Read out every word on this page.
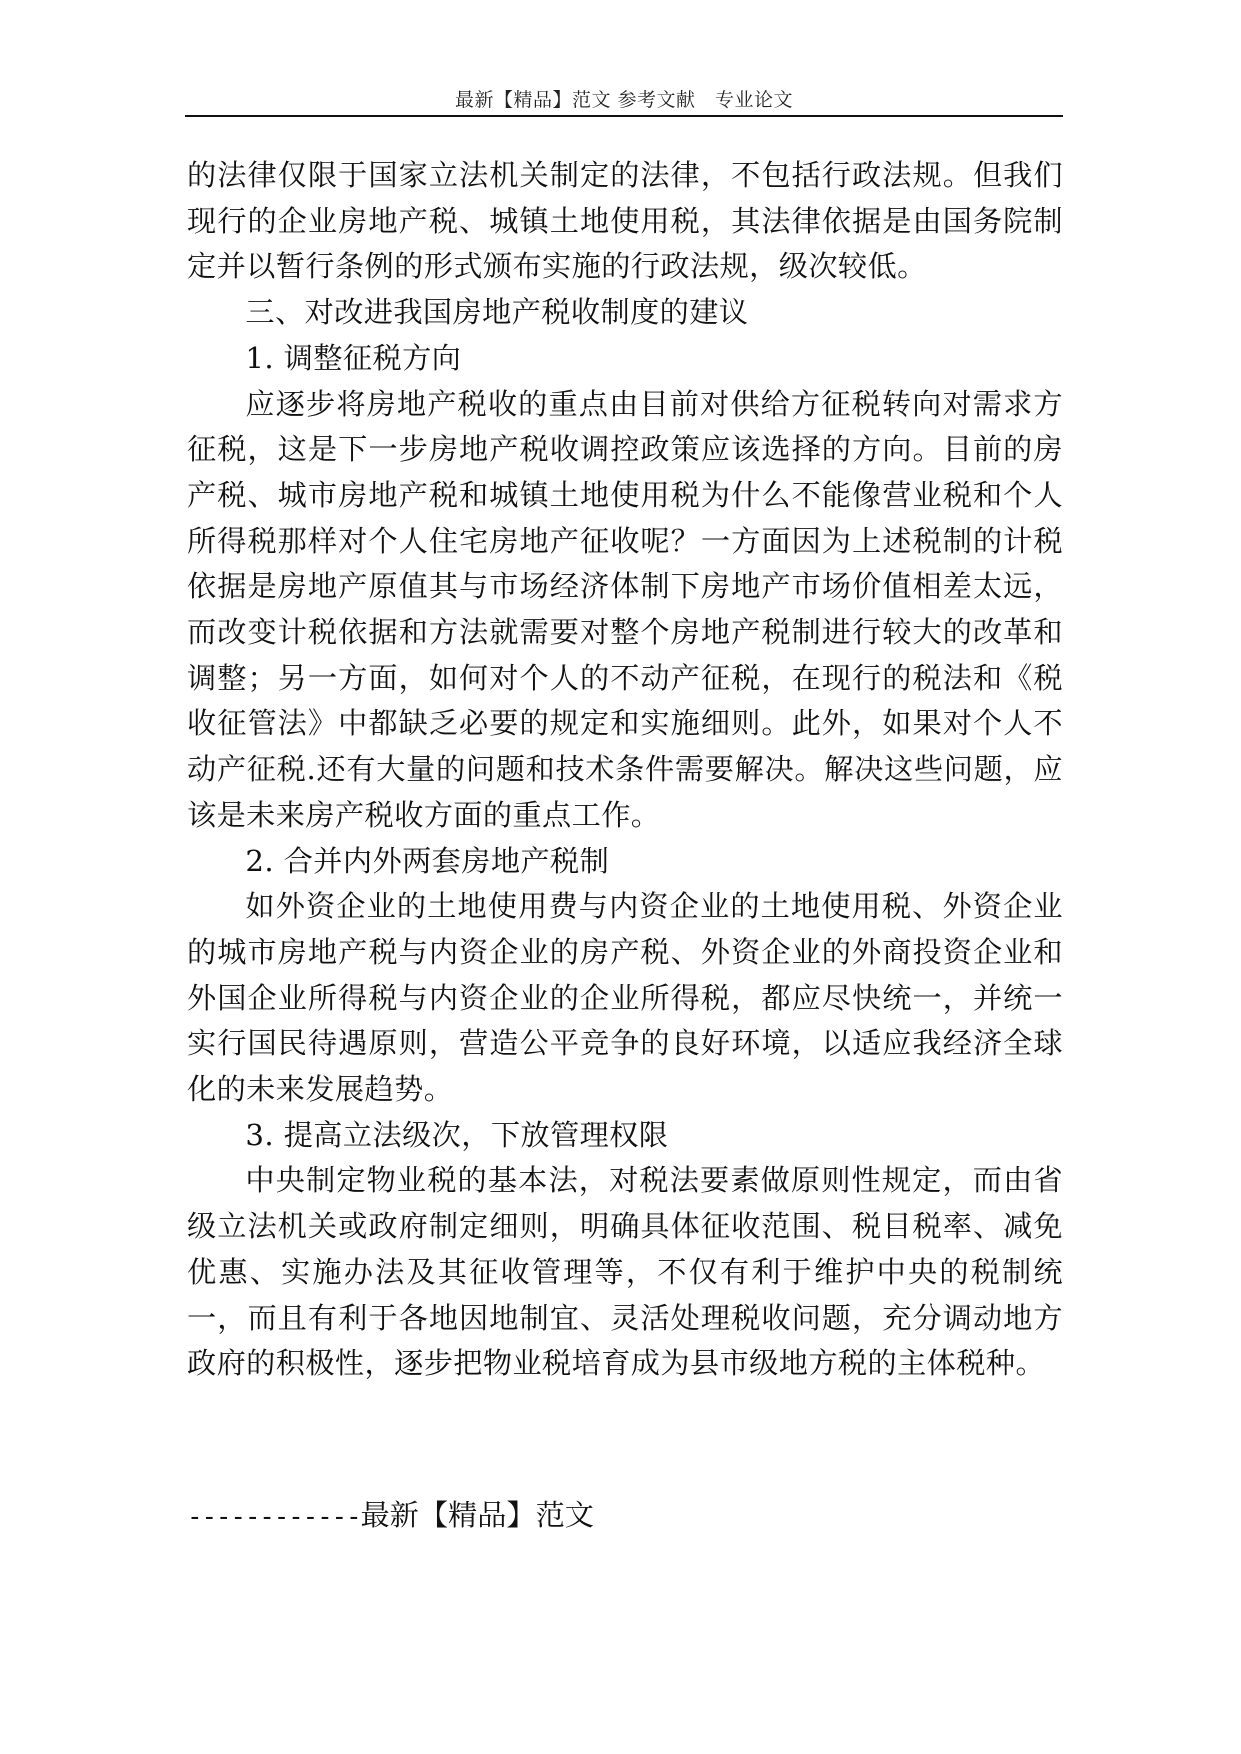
最新【精品】范文 参考文献　专业论文

的法律仅限于国家立法机关制定的法律，不包括行政法规。但我们现行的企业房地产税、城镇土地使用税，其法律依据是由国务院制定并以暂行条例的形式颁布实施的行政法规，级次较低。

三、对改进我国房地产税收制度的建议

1. 调整征税方向

应逐步将房地产税收的重点由目前对供给方征税转向对需求方征税，这是下一步房地产税收调控政策应该选择的方向。目前的房产税、城市房地产税和城镇土地使用税为什么不能像营业税和个人所得税那样对个人住宅房地产征收呢？一方面因为上述税制的计税依据是房地产原值其与市场经济体制下房地产市场价值相差太远，而改变计税依据和方法就需要对整个房地产税制进行较大的改革和调整；另一方面，如何对个人的不动产征税，在现行的税法和《税收征管法》中都缺乏必要的规定和实施细则。此外，如果对个人不动产征税.还有大量的问题和技术条件需要解决。解决这些问题，应该是未来房产税收方面的重点工作。

2. 合并内外两套房地产税制

如外资企业的土地使用费与内资企业的土地使用税、外资企业的城市房地产税与内资企业的房产税、外资企业的外商投资企业和外国企业所得税与内资企业的企业所得税，都应尽快统一，并统一实行国民待遇原则，营造公平竞争的良好环境，以适应我经济全球化的未来发展趋势。

3. 提高立法级次，下放管理权限

中央制定物业税的基本法，对税法要素做原则性规定，而由省级立法机关或政府制定细则，明确具体征收范围、税目税率、减免优惠、实施办法及其征收管理等，不仅有利于维护中央的税制统一，而且有利于各地因地制宜、灵活处理税收问题，充分调动地方政府的积极性，逐步把物业税培育成为县市级地方税的主体税种。

------------最新【精品】范文
